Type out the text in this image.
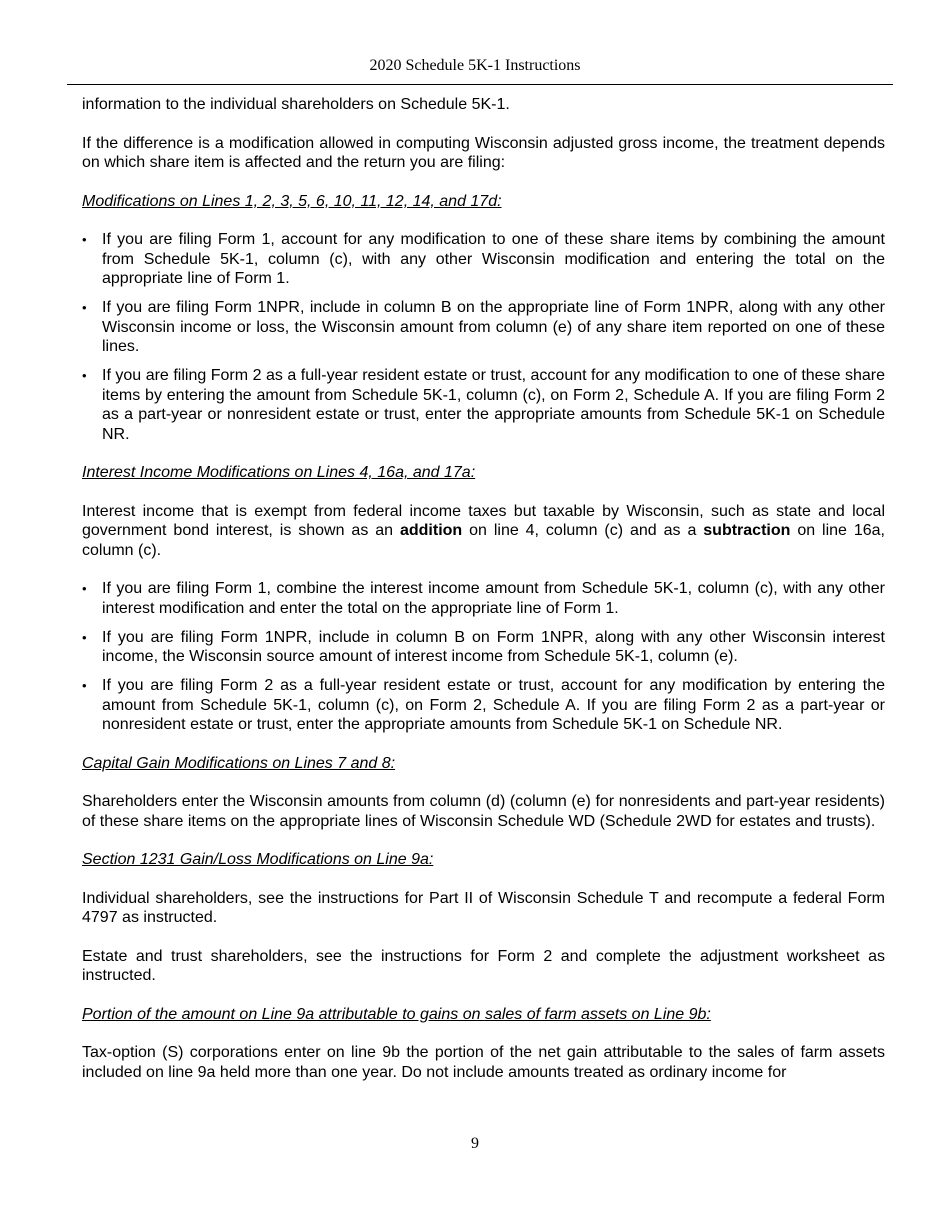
2020 Schedule 5K-1 Instructions

information to the individual shareholders on Schedule 5K-1.

If the difference is a modification allowed in computing Wisconsin adjusted gross income, the treatment depends on which share item is affected and the return you are filing:

Modifications on Lines 1, 2, 3, 5, 6, 10, 11, 12, 14, and 17d:
• If you are filing Form 1, account for any modification to one of these share items by combining the amount from Schedule 5K-1, column (c), with any other Wisconsin modification and entering the total on the appropriate line of Form 1.
• If you are filing Form 1NPR, include in column B on the appropriate line of Form 1NPR, along with any other Wisconsin income or loss, the Wisconsin amount from column (e) of any share item reported on one of these lines.
• If you are filing Form 2 as a full-year resident estate or trust, account for any modification to one of these share items by entering the amount from Schedule 5K-1, column (c), on Form 2, Schedule A. If you are filing Form 2 as a part-year or nonresident estate or trust, enter the appropriate amounts from Schedule 5K-1 on Schedule NR.
Interest Income Modifications on Lines 4, 16a, and 17a:

Interest income that is exempt from federal income taxes but taxable by Wisconsin, such as state and local government bond interest, is shown as an addition on line 4, column (c) and as a subtraction on line 16a, column (c).

• If you are filing Form 1, combine the interest income amount from Schedule 5K-1, column (c), with any other interest modification and enter the total on the appropriate line of Form 1.
• If you are filing Form 1NPR, include in column B on Form 1NPR, along with any other Wisconsin interest income, the Wisconsin source amount of interest income from Schedule 5K-1, column (e).
• If you are filing Form 2 as a full-year resident estate or trust, account for any modification by entering the amount from Schedule 5K-1, column (c), on Form 2, Schedule A. If you are filing Form 2 as a part-year or nonresident estate or trust, enter the appropriate amounts from Schedule 5K-1 on Schedule NR.
Capital Gain Modifications on Lines 7 and 8:

Shareholders enter the Wisconsin amounts from column (d) (column (e) for nonresidents and part-year residents) of these share items on the appropriate lines of Wisconsin Schedule WD (Schedule 2WD for estates and trusts).

Section 1231 Gain/Loss Modifications on Line 9a:

Individual shareholders, see the instructions for Part II of Wisconsin Schedule T and recompute a federal Form 4797 as instructed.

Estate and trust shareholders, see the instructions for Form 2 and complete the adjustment worksheet as instructed.

Portion of the amount on Line 9a attributable to gains on sales of farm assets on Line 9b:

Tax-option (S) corporations enter on line 9b the portion of the net gain attributable to the sales of farm assets included on line 9a held more than one year. Do not include amounts treated as ordinary income for

9
